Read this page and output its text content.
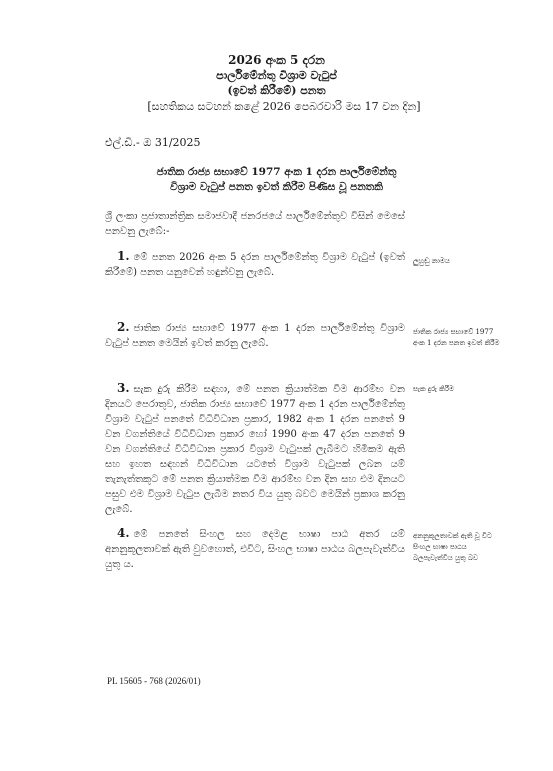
2026 අංක 5 දරන
පාර්ලිමේන්තු විශ්‍රාම වැටුප්
(ඉවත් කිරීමේ) පනත
[සහතිකය සටහන් කළේ 2026 පෙබරවාරි මස 17 වන දින]
එල්.ඩී.- ඔ 31/2025
ජාතික රාජ්‍ය සභාවේ 1977 අංක 1 දරන පාර්ලිමේන්තු
විශ්‍රාම වැටුප් පනත ඉවත් කිරීම පිණිස වූ පනතකි
ශ්‍රී ලංකා ප්‍රජාතාන්ත්‍රික සමාජවාදී ජනරජයේ පාර්ලිමේන්තුව විසින් මෙසේ පනවනු ලැබේ:-
1. මේ පනත 2026 අංක 5 දරන පාර්ලිමේන්තු විශ්‍රාම වැටුප් (ඉවත් කිරීමේ) පනත යනුවෙන් හඳුන්වනු ලැබේ.
ලුහුඬු නාමය
2. ජාතික රාජ්‍ය සභාවේ 1977 අංක 1 දරන පාර්ලිමේන්තු විශ්‍රාම වැටුප් පනත මෙයින් ඉවත් කරනු ලැබේ.
ජාතික රාජ්‍ය සභාවේ 1977 අංක 1 දරන පනත ඉවත් කිරීම
3. සැක දුරු කිරීම සඳහා, මේ පනත ක්‍රියාත්මක වීම ආරම්භ වන දිනයට පෙරාතුව, ජාතික රාජ්‍ය සභාවේ 1977 අංක 1 දරන පාර්ලිමේන්තු විශ්‍රාම වැටුප් පනතේ විධිවිධාන ප්‍රකාර, 1982 අංක 1 දරන පනතේ 9 වන වගන්තියේ විධිවිධාන ප්‍රකාර හෝ 1990 අංක 47 දරන පනතේ 9 වන වගන්තියේ විධිවිධාන ප්‍රකාර විශ්‍රාම වැටුපක් ලැබීමට හිමිකම ඇති සහ ඉහත සඳහන් විධිවිධාන යටතේ විශ්‍රාම වැටුපක් ලබන යම් තැනැත්තකුට මේ පනත ක්‍රියාත්මක වීම ආරම්භ වන දින සහ එම දිනයට පසුව එම විශ්‍රාම වැටුප ලැබීම නතර විය යුතු බවට මෙයින් ප්‍රකාශ කරනු ලැබේ.
සැක දුරු කිරීම
4. මේ පනතේ සිංහල සහ දෙමළ භාෂා පාඨ අතර යම් අනනුකූලතාවක් ඇති වුවහොත්, එවිට, සිංහල භාෂා පාඨය බලපැවැත්විය යුතු ය.
අනනුකූලතාවක් ඇති වූ විට සිංහල භාෂා පාඨය බලපැවැත්විය යුතු බව
PL 15605 - 768 (2026/01)
